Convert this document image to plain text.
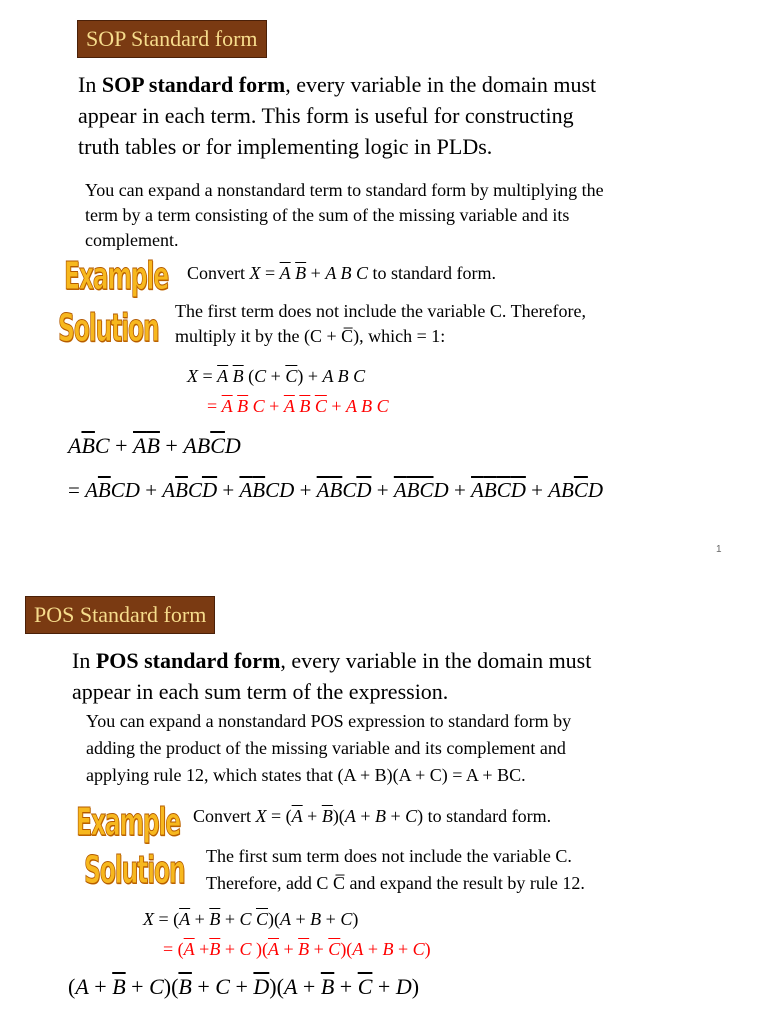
SOP Standard form
In SOP standard form, every variable in the domain must
appear in each term. This form is useful for constructing
truth tables or for implementing logic in PLDs.
You can expand a nonstandard term to standard form by multiplying the
term by a term consisting of the sum of the missing variable and its
complement.
Example Convert $X = \overline{A}$ $\overline{B} + A$ B C to standard form.
Solution The first term does not include the variable C. Therefore,
multiply it by the (C + C̅), which = 1:
$X = \overline{A}$ $\overline{B}$ $(C + \overline{C}) + A$ B C
= $\overline{A}$ $\overline{B}$ $C + \overline{A}$ $\overline{B}$ $\overline{C} + A$ B C
$A\overline{B}C + \overline{A}\overline{B} + AB\overline{C}D$
= $A\overline{B}CD + A\overline{B}C\overline{D} + \overline{A}\overline{B}CD + \overline{A}\overline{B}C\overline{D} + \overline{A}\overline{B}\overline{C}D + \overline{A}\overline{B}\overline{C}\overline{D} + AB\overline{C}D$
1
POS Standard form
In POS standard form, every variable in the domain must
appear in each sum term of the expression.
You can expand a nonstandard POS expression to standard form by
adding the product of the missing variable and its complement and
applying rule 12, which states that (A + B)(A + C) = A + BC.
Example Convert $X = (\overline{A} + \overline{B})(A + B + C)$ to standard form.
Solution The first sum term does not include the variable C.
Therefore, add C C̅ and expand the result by rule 12.
$X = (\overline{A} + \overline{B} + C$ $\overline{C})(A + B + C)$
= ($\overline{A} +\overline{B} + C$ )$(\overline{A} + \overline{B} + \overline{C})(A + B + C)$
$(A + \overline{B} + C)(\overline{B} + C + \overline{D})(A + \overline{B} + \overline{C} + D)$
